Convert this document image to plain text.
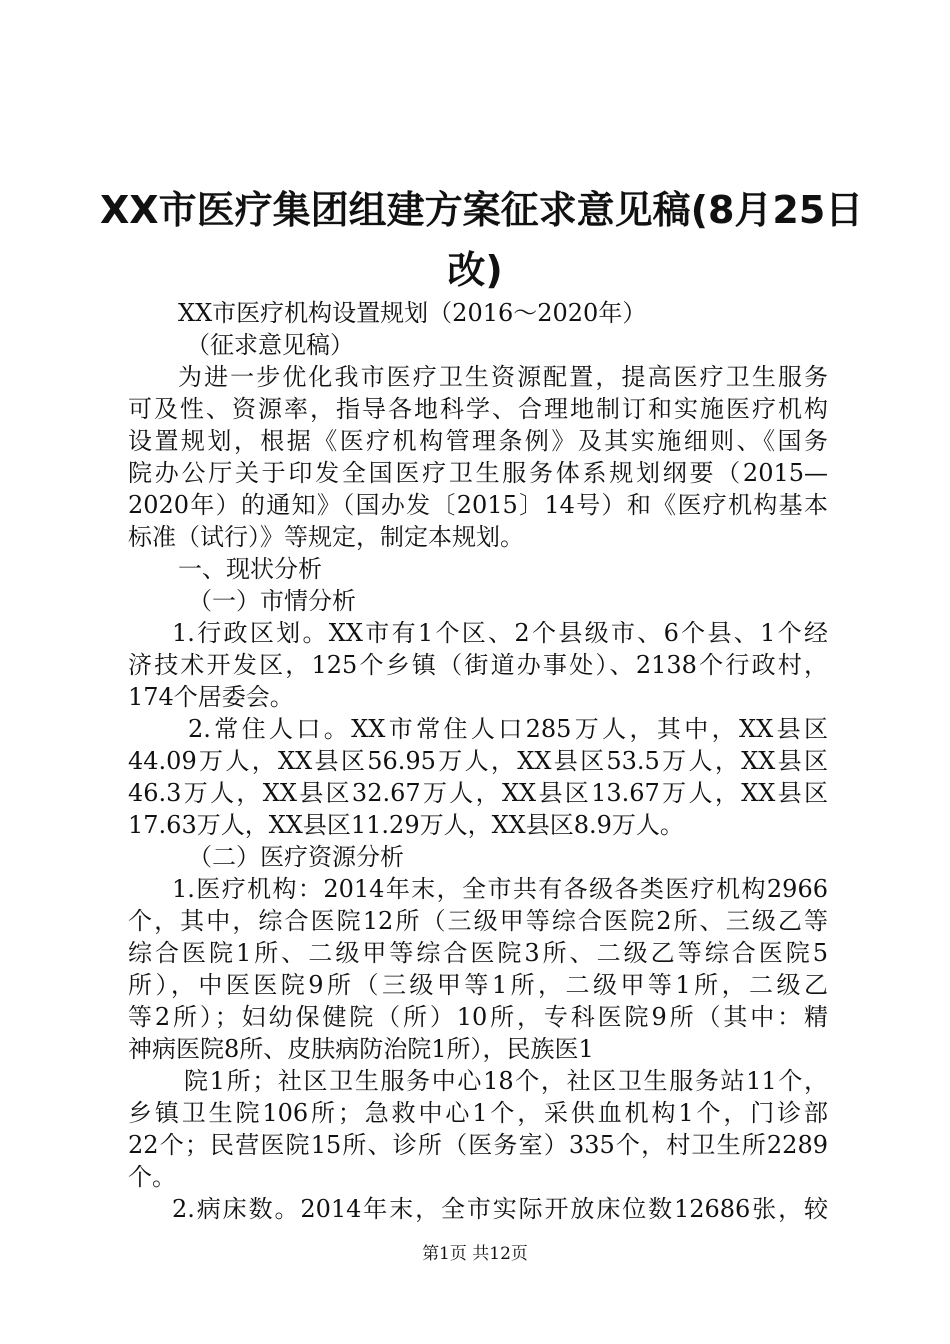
XX市医疗集团组建方案征求意见稿(8月25日
改)
XX市医疗机构设置规划（2016～2020年）
（征求意见稿）
为进一步优化我市医疗卫生资源配置，提高医疗卫生服务
可及性、资源率，指导各地科学、合理地制订和实施医疗机构
设置规划，根据《医疗机构管理条例》及其实施细则、《国务
院办公厅关于印发全国医疗卫生服务体系规划纲要（2015—
2020年）的通知》（国办发〔2015〕14号）和《医疗机构基本
标准（试行）》等规定，制定本规划。
一、现状分析
（一）市情分析
1.行政区划。XX市有1个区、2个县级市、6个县、1个经
济技术开发区，125个乡镇（街道办事处）、2138个行政村，
174个居委会。
2.常住人口。XX市常住人口285万人，其中，XX县区
44.09万人，XX县区56.95万人，XX县区53.5万人，XX县区
46.3万人，XX县区32.67万人，XX县区13.67万人，XX县区
17.63万人，XX县区11.29万人，XX县区8.9万人。
（二）医疗资源分析
1.医疗机构：2014年末，全市共有各级各类医疗机构2966
个，其中，综合医院12所（三级甲等综合医院2所、三级乙等
综合医院1所、二级甲等综合医院3所、二级乙等综合医院5
所），中医医院9所（三级甲等1所，二级甲等1所，二级乙
等2所）；妇幼保健院（所）10所，专科医院9所（其中：精
神病医院8所、皮肤病防治院1所），民族医1
院1所；社区卫生服务中心18个，社区卫生服务站11个，
乡镇卫生院106所；急救中心1个，采供血机构1个，门诊部
22个；民营医院15所、诊所（医务室）335个，村卫生所2289
个。
2.病床数。2014年末，全市实际开放床位数12686张，较
第1页 共12页
